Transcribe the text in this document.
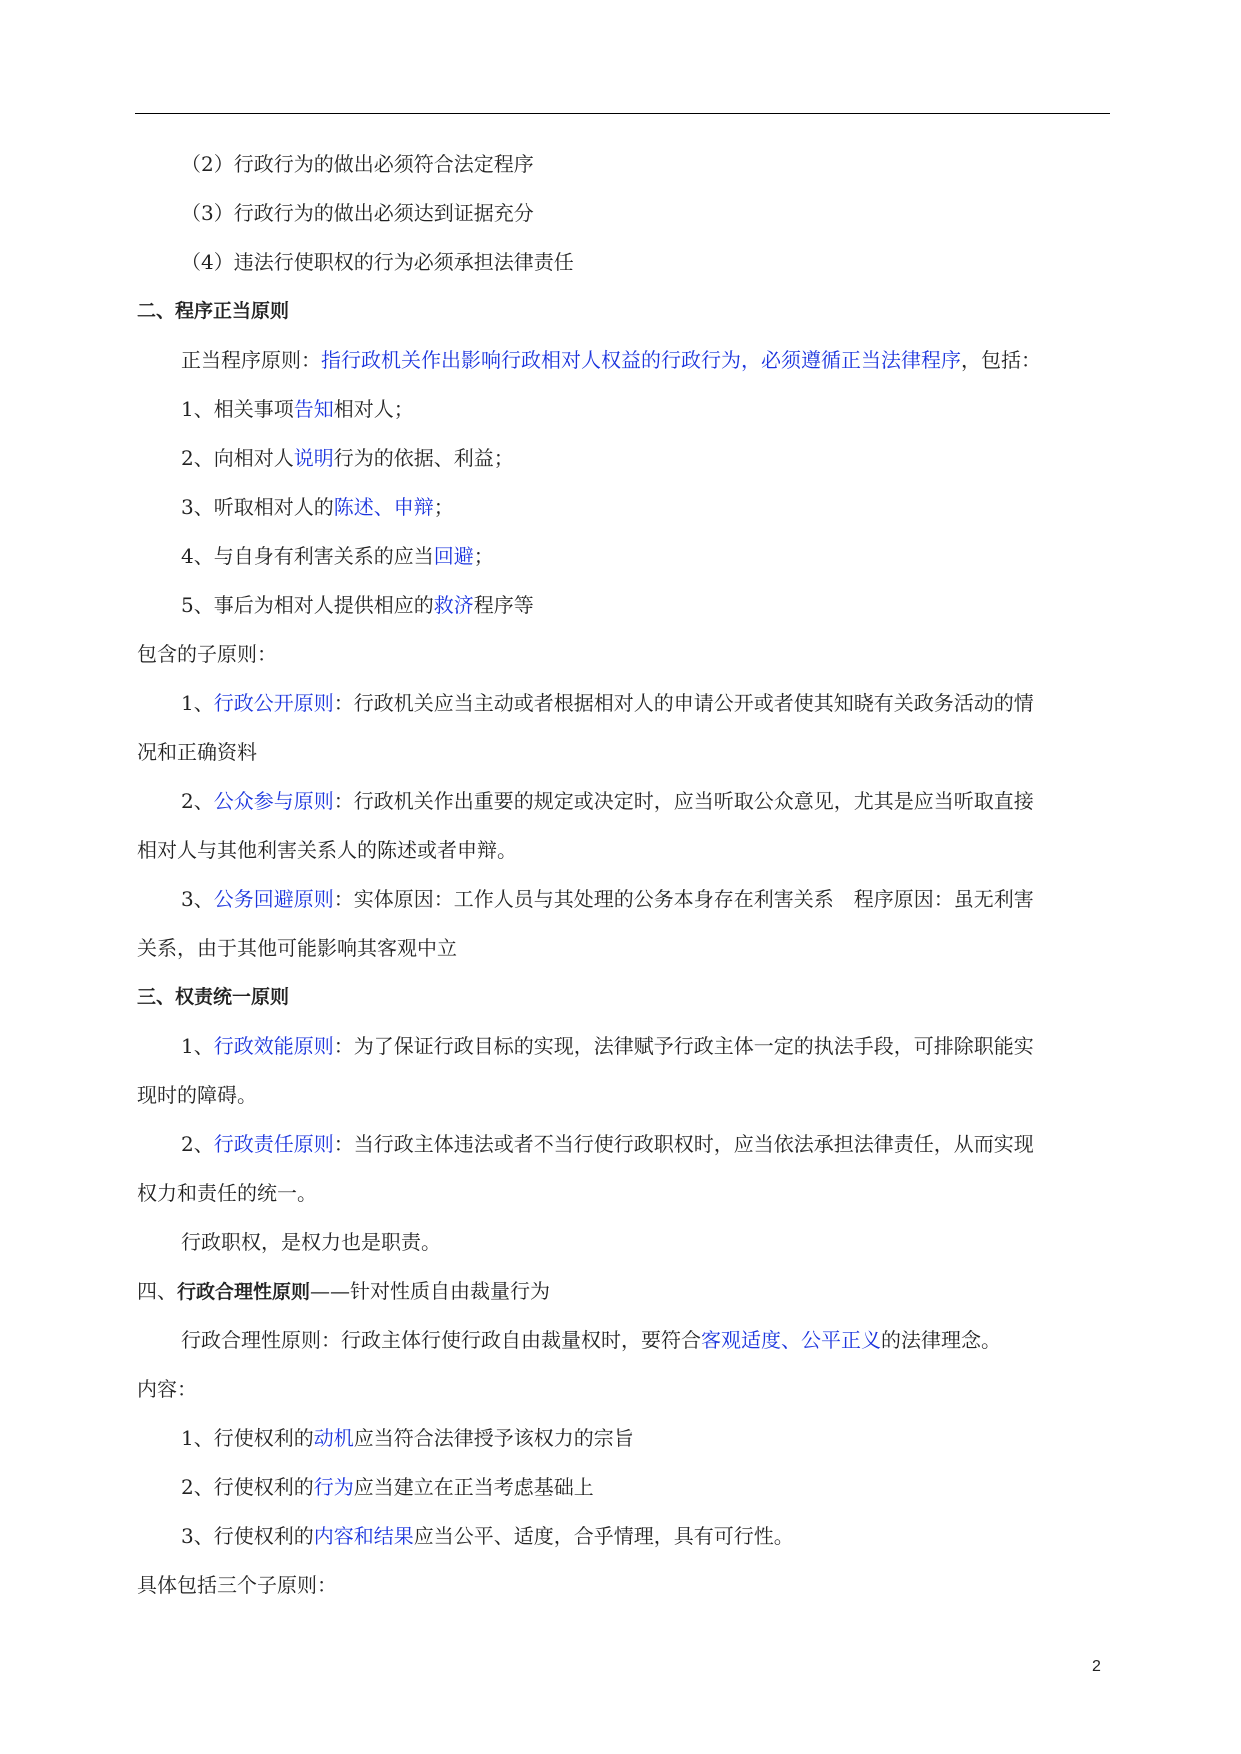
（2）行政行为的做出必须符合法定程序
（3）行政行为的做出必须达到证据充分
（4）违法行使职权的行为必须承担法律责任
二、程序正当原则
正当程序原则：指行政机关作出影响行政相对人权益的行政行为，必须遵循正当法律程序，包括：
1、相关事项告知相对人；
2、向相对人说明行为的依据、利益；
3、听取相对人的陈述、申辩；
4、与自身有利害关系的应当回避；
5、事后为相对人提供相应的救济程序等
包含的子原则：
1、行政公开原则：行政机关应当主动或者根据相对人的申请公开或者使其知晓有关政务活动的情
况和正确资料
2、公众参与原则：行政机关作出重要的规定或决定时，应当听取公众意见，尤其是应当听取直接
相对人与其他利害关系人的陈述或者申辩。
3、公务回避原则：实体原因：工作人员与其处理的公务本身存在利害关系　程序原因：虽无利害
关系，由于其他可能影响其客观中立
三、权责统一原则
1、行政效能原则：为了保证行政目标的实现，法律赋予行政主体一定的执法手段，可排除职能实
现时的障碍。
2、行政责任原则：当行政主体违法或者不当行使行政职权时，应当依法承担法律责任，从而实现
权力和责任的统一。
行政职权，是权力也是职责。
四、行政合理性原则——针对性质自由裁量行为
行政合理性原则：行政主体行使行政自由裁量权时，要符合客观适度、公平正义的法律理念。
内容：
1、行使权利的动机应当符合法律授予该权力的宗旨
2、行使权利的行为应当建立在正当考虑基础上
3、行使权利的内容和结果应当公平、适度，合乎情理，具有可行性。
具体包括三个子原则：
2
